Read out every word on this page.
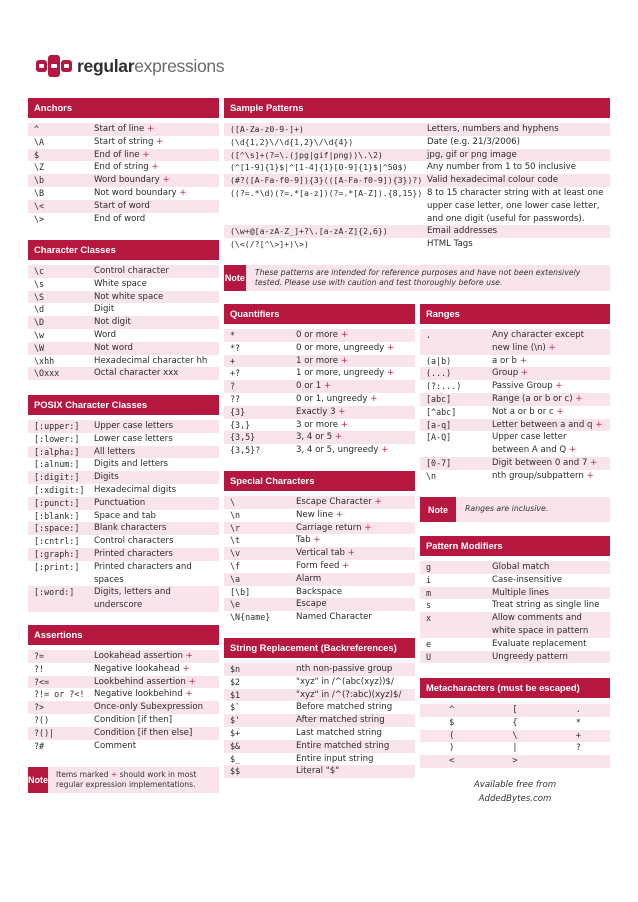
regularexpressions
Anchors
^	Start of line +
\A	Start of string +
$	End of line +
\Z	End of string +
\b	Word boundary +
\B	Not word boundary +
\<	Start of word
\>	End of word
Character Classes
\c	Control character
\s	White space
\S	Not white space
\d	Digit
\D	Not digit
\w	Word
\W	Not word
\xhh	Hexadecimal character hh
\Oxxx	Octal character xxx
POSIX Character Classes
[:upper:]	Upper case letters
[:lower:]	Lower case letters
[:alpha:]	All letters
[:alnum:]	Digits and letters
[:digit:]	Digits
[:xdigit:]	Hexadecimal digits
[:punct:]	Punctuation
[:blank:]	Space and tab
[:space:]	Blank characters
[:cntrl:]	Control characters
[:graph:]	Printed characters
[:print:]	Printed characters and
spaces
[:word:]	Digits, letters and
underscore
Assertions
?=	Lookahead assertion +
?!	Negative lookahead +
?<=	Lookbehind assertion +
?!= or ?<!	Negative lookbehind +
?>	Once-only Subexpression
?()	Condition [if then]
?()|	Condition [if then else]
?#	Comment
Note
Items marked + should work in most regular expression implementations.
Sample Patterns
([A-Za-z0-9-]+)	Letters, numbers and hyphens
(\d{1,2}\/\d{1,2}\/\d{4})	Date (e.g. 21/3/2006)
([^\s]+(?=\.(jpg|gif|png))\.\2)	jpg, gif or png image
(^[1-9]{1}$|^[1-4]{1}[0-9]{1}$|^50$)	Any number from 1 to 50 inclusive
(#?([A-Fa-f0-9]){3}(([A-Fa-f0-9]){3})?) Valid hexadecimal colour code
((?=.*\d)(?=.*[a-z])(?=.*[A-Z]).{8,15}) 8 to 15 character string with at least one
upper case letter, one lower case letter,
and one digit (useful for passwords).
(\w+@[a-zA-Z_]+?\.[a-zA-Z]{2,6})	Email addresses
(\<(/?[^\>]+)\>)	HTML Tags
Note
These patterns are intended for reference purposes and have not been extensively tested. Please use with caution and test thoroughly before use.
Quantifiers
*	0 or more +
*?	0 or more, ungreedy +
+	1 or more +
+?	1 or more, ungreedy +
?	0 or 1 +
??	0 or 1, ungreedy +
{3}	Exactly 3 +
{3,}	3 or more +
{3,5}	3, 4 or 5 +
{3,5}?	3, 4 or 5, ungreedy +
Special Characters
\	Escape Character +
\n	New line +
\r	Carriage return +
\t	Tab +
\v	Vertical tab +
\f	Form feed +
\a	Alarm
[\b]	Backspace
\e	Escape
\N{name}	Named Character
String Replacement (Backreferences)
$n	nth non-passive group
$2	"xyz" in /^(abc(xyz))$/
$1	"xyz" in /^(?:abc)(xyz)$/
$`	Before matched string
$'	After matched string
$+	Last matched string
$&	Entire matched string
$_	Entire input string
$$	Literal "$"
Ranges
.	Any character except
new line (\n) +
(a|b)	a or b +
(...)	Group +
(?:...)	Passive Group +
[abc]	Range (a or b or c) +
[^abc]	Not a or b or c +
[a-q]	Letter between a and q +
[A-Q]	Upper case letter
between A and Q +
[0-7]	Digit between 0 and 7 +
\n	nth group/subpattern +
Note	Ranges are inclusive.
Pattern Modifiers
g	Global match
i	Case-insensitive
m	Multiple lines
s	Treat string as single line
x	Allow comments and
white space in pattern
e	Evaluate replacement
U	Ungreedy pattern
Metacharacters (must be escaped)
^	[	.
$	{	*
(	\	+
)	|	?
<	>
Available free from
AddedBytes.com
